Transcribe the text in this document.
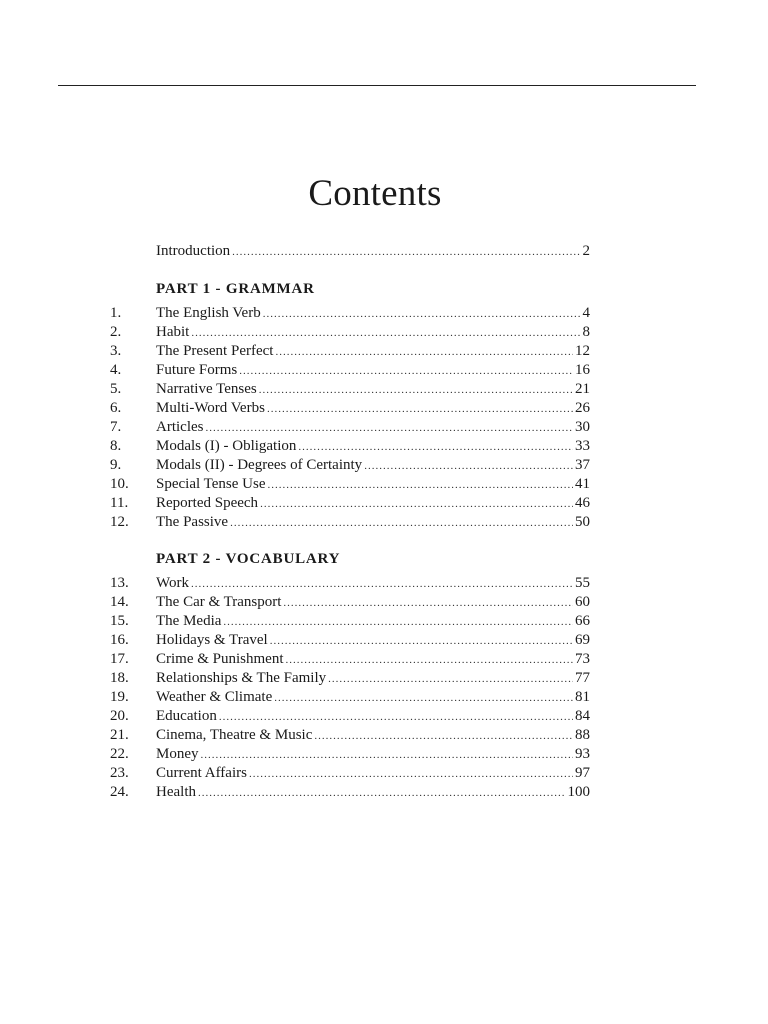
Contents
Introduction .....	2
PART 1 - GRAMMAR
1.	The English Verb .....	4
2.	Habit .....	8
3.	The Present Perfect .....	12
4.	Future Forms .....	16
5.	Narrative Tenses .....	21
6.	Multi-Word Verbs .....	26
7.	Articles .....	30
8.	Modals (I) - Obligation .....	33
9.	Modals (II) - Degrees of Certainty .....	37
10.	Special Tense Use .....	41
11.	Reported Speech .....	46
12.	The Passive .....	50
PART 2 - VOCABULARY
13.	Work .....	55
14.	The Car & Transport .....	60
15.	The Media .....	66
16.	Holidays & Travel .....	69
17.	Crime & Punishment .....	73
18.	Relationships & The Family .....	77
19.	Weather & Climate .....	81
20.	Education .....	84
21.	Cinema, Theatre & Music .....	88
22.	Money .....	93
23.	Current Affairs .....	97
24.	Health .....	100
